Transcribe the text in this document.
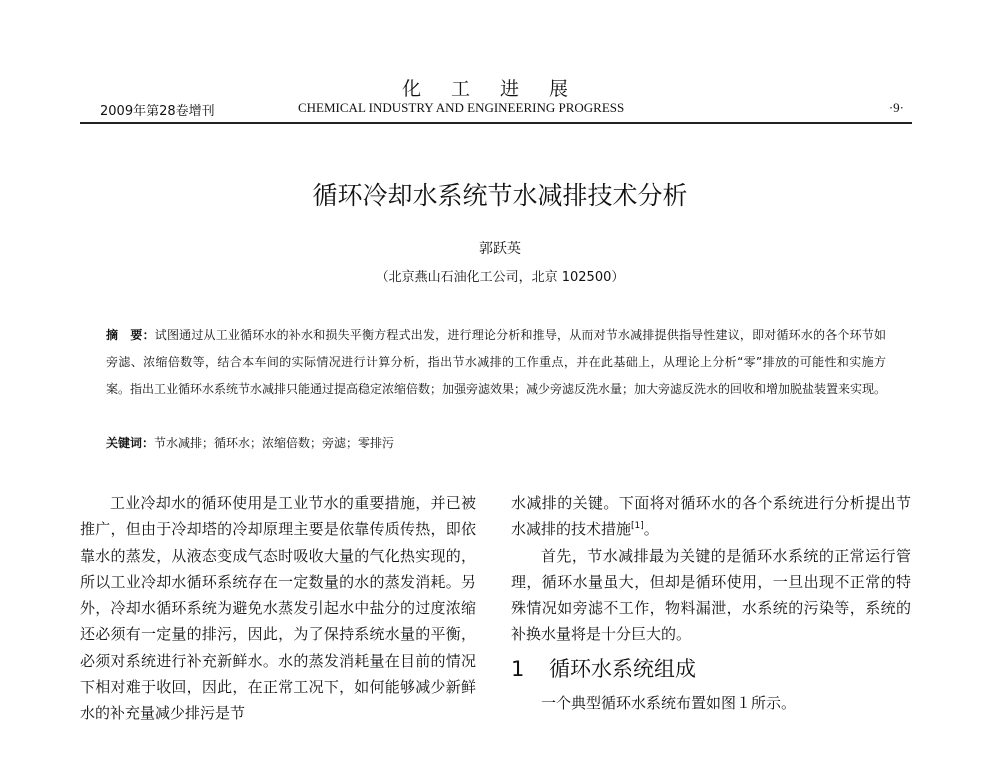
化工进展
2009年第28卷增刊	CHEMICAL INDUSTRY AND ENGINEERING PROGRESS	·9·
循环冷却水系统节水减排技术分析
郭跃英
（北京燕山石油化工公司，北京 102500）
摘　要：试图通过从工业循环水的补水和损失平衡方程式出发，进行理论分析和推导，从而对节水减排提供指导性建议，即对循环水的各个环节如旁滤、浓缩倍数等，结合本车间的实际情况进行计算分析，指出节水减排的工作重点，并在此基础上，从理论上分析“零”排放的可能性和实施方案。指出工业循环水系统节水减排只能通过提高稳定浓缩倍数；加强旁滤效果；减少旁滤反洗水量；加大旁滤反洗水的回收和增加脱盐装置来实现。
关键词：节水减排；循环水；浓缩倍数；旁滤；零排污

工业冷却水的循环使用是工业节水的重要措施，并已被推广，但由于冷却塔的冷却原理主要是依靠传质传热，即依靠水的蒸发，从液态变成气态时吸收大量的气化热实现的，所以工业冷却水循环系统存在一定数量的水的蒸发消耗。另外，冷却水循环系统为避免水蒸发引起水中盐分的过度浓缩还必须有一定量的排污，因此，为了保持系统水量的平衡，必须对系统进行补充新鲜水。水的蒸发消耗量在目前的情况下相对难于收回，因此，在正常工况下，如何能够减少新鲜水的补充量减少排污是节

水减排的关键。下面将对循环水的各个系统进行分析提出节水减排的技术措施[1]。

首先，节水减排最为关键的是循环水系统的正常运行管理，循环水量虽大，但却是循环使用，一旦出现不正常的特殊情况如旁滤不工作，物料漏泄，水系统的污染等，系统的补换水量将是十分巨大的。

1 循环水系统组成

一个典型循环水系统布置如图１所示。
